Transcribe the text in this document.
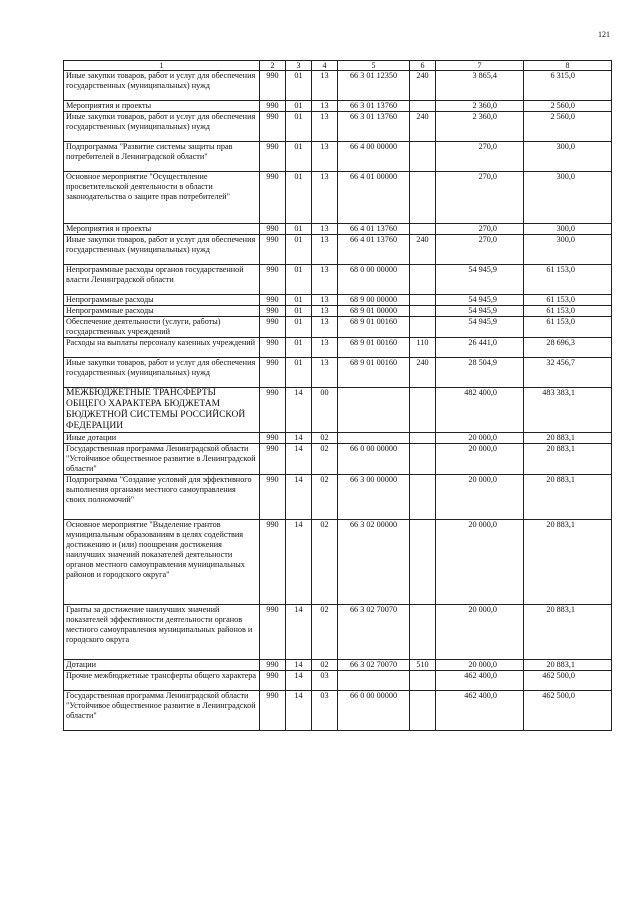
121
1	2	3	4	5	6	7	8
Иные закупки товаров, работ и услуг для обеспечения государственных (муниципальных) нужд	990	01	13	66 3 01 12350	240	3 865,4	6 315,0
Мероприятия и проекты	990	01	13	66 3 01 13760		2 360,0	2 560,0
Иные закупки товаров, работ и услуг для обеспечения государственных (муниципальных) нужд	990	01	13	66 3 01 13760	240	2 360,0	2 560,0
Подпрограмма "Развитие системы защиты прав потребителей в Ленинградской области"	990	01	13	66 4 00 00000		270,0	300,0
Основное мероприятие "Осуществление просветительской деятельности в области законодательства о защите прав потребителей"	990	01	13	66 4 01 00000		270,0	300,0
Мероприятия и проекты	990	01	13	66 4 01 13760		270,0	300,0
Иные закупки товаров, работ и услуг для обеспечения государственных (муниципальных) нужд	990	01	13	66 4 01 13760	240	270,0	300,0
Непрограммные расходы органов государственной власти Ленинградской области	990	01	13	68 0 00 00000		54 945,9	61 153,0
Непрограммные расходы	990	01	13	68 9 00 00000		54 945,9	61 153,0
Непрограммные расходы	990	01	13	68 9 01 00000		54 945,9	61 153,0
Обеспечение деятельности (услуги, работы) государственных учреждений	990	01	13	68 9 01 00160		54 945,9	61 153,0
Расходы на выплаты персоналу казенных учреждений	990	01	13	68 9 01 00160	110	26 441,0	28 696,3
Иные закупки товаров, работ и услуг для обеспечения государственных (муниципальных) нужд	990	01	13	68 9 01 00160	240	28 504,9	32 456,7
МЕЖБЮДЖЕТНЫЕ ТРАНСФЕРТЫ ОБЩЕГО ХАРАКТЕРА БЮДЖЕТАМ БЮДЖЕТНОЙ СИСТЕМЫ РОССИЙСКОЙ ФЕДЕРАЦИИ	990	14	00			482 400,0	483 383,1
Иные дотации	990	14	02			20 000,0	20 883,1
Государственная программа Ленинградской области "Устойчивое общественное развитие в Ленинградской области"	990	14	02	66 0 00 00000		20 000,0	20 883,1
Подпрограмма "Создание условий для эффективного выполнения органами местного самоуправления своих полномочий"	990	14	02	66 3 00 00000		20 000,0	20 883,1
Основное мероприятие "Выделение грантов муниципальным образованиям в целях содействия достижению и (или) поощрения достижения наилучших значений показателей деятельности органов местного самоуправления муниципальных районов и городского округа"	990	14	02	66 3 02 00000		20 000,0	20 883,1
Гранты за достижение наилучших значений показателей эффективности деятельности органов местного самоуправления муниципальных районов и городского округа	990	14	02	66 3 02 70070		20 000,0	20 883,1
Дотации	990	14	02	66 3 02 70070	510	20 000,0	20 883,1
Прочие межбюджетные трансферты общего характера	990	14	03			462 400,0	462 500,0
Государственная программа Ленинградской области "Устойчивое общественное развитие в Ленинградской области"	990	14	03	66 0 00 00000		462 400,0	462 500,0
